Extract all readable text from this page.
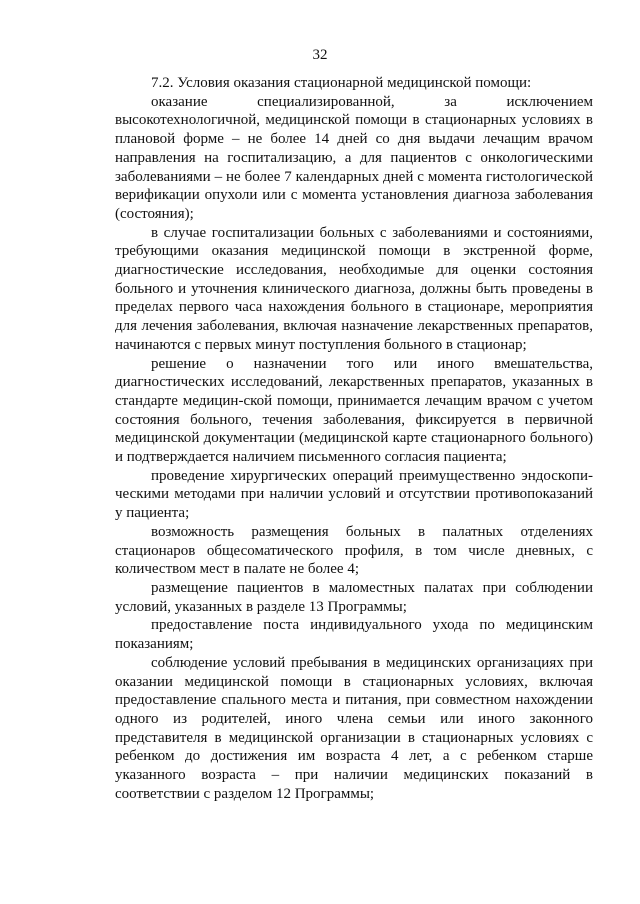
32

7.2. Условия оказания стационарной медицинской помощи:

оказание специализированной, за исключением высокотехнологичной, медицинской помощи в стационарных условиях в плановой форме – не более 14 дней со дня выдачи лечащим врачом направления на госпитализацию, а для пациентов с онкологическими заболеваниями – не более 7 календарных дней с момента гистологической верификации опухоли или с момента установления диагноза заболевания (состояния);

в случае госпитализации больных с заболеваниями и состояниями, требующими оказания медицинской помощи в экстренной форме, диагностические исследования, необходимые для оценки состояния больного и уточнения клинического диагноза, должны быть проведены в пределах первого часа нахождения больного в стационаре, мероприятия для лечения заболевания, включая назначение лекарственных препаратов, начинаются с первых минут поступления больного в стационар;

решение о назначении того или иного вмешательства, диагностических исследований, лекарственных препаратов, указанных в стандарте медицин-ской помощи, принимается лечащим врачом с учетом состояния больного, течения заболевания, фиксируется в первичной медицинской документации (медицинской карте стационарного больного) и подтверждается наличием письменного согласия пациента;

проведение хирургических операций преимущественно эндоскопи-ческими методами при наличии условий и отсутствии противопоказаний у пациента;

возможность размещения больных в палатных отделениях стационаров общесоматического профиля, в том числе дневных, с количеством мест в палате не более 4;

размещение пациентов в маломестных палатах при соблюдении условий, указанных в разделе 13 Программы;

предоставление поста индивидуального ухода по медицинским показаниям;

соблюдение условий пребывания в медицинских организациях при оказании медицинской помощи в стационарных условиях, включая предоставление спального места и питания, при совместном нахождении одного из родителей, иного члена семьи или иного законного представителя в медицинской организации в стационарных условиях с ребенком до достижения им возраста 4 лет, а с ребенком старше указанного возраста – при наличии медицинских показаний в соответствии с разделом 12 Программы;
